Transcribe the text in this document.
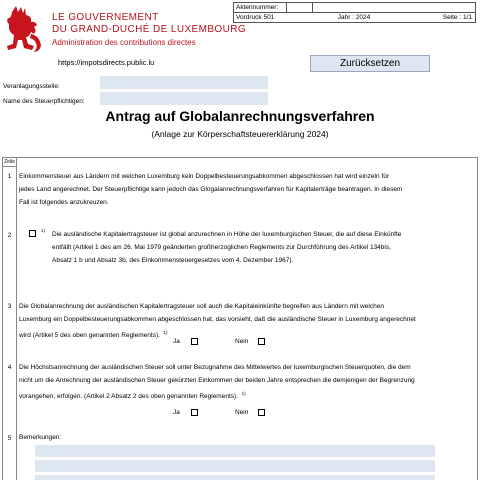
LE GOUVERNEMENT
DU GRAND-DUCHÉ DE LUXEMBOURG
Administration des contributions directes
Aktennummer:
Vordruck 501	Jahr : 2024	Seite : 1/1
https://impotsdirects.public.lu	Zurücksetzen
Veranlagungsstelle:
Name des Steuerpflichtigen:
Antrag auf Globalanrechnungsverfahren
(Anlage zur Körperschaftsteuererklärung 2024)
Zeile
1	Einkommensteuer aus Ländern mit welchen Luxemburg kein Doppelbesteuerungsabkommen abgeschlossen hat wird einzeln für
jedes Land angerechnet. Der Steuerpflichtige kann jedoch das Glogalanrechnungsverfahren für Kapitalerträge beantragen. In diesem
Fall ist folgendes anzukreuzen.
2
1)
Die ausländische Kapitalertragsteuer ist global anzurechnen in Höhe der luxemburgischen Steuer, die auf diese Einkünfte
entfällt (Artikel 1 des am 26. Mai 1979 geänderten großherzoglichen Reglements zur Durchführung des Artikel 134bis,
Absatz 1 b und Absatz 3b, des Einkommensteuergesetzes vom 4. Dezember 1967).
3	Die Globalanrechnung der ausländischen Kapitalertragsteuer soll auch die Kapitaleinkünfte begreifen aus Ländern mit welchen
Luxemburg ein Doppelbesteuerungsabkommen abgeschlossen hat, das vorsieht, daß die ausländische Steuer in Luxemburg angerechnet
wird (Artikel 5 des oben genannten Reglements). $^{1)}$
Ja	Nein
4	Die Höchstsanrechnung der ausländischen Steuer soll unter Bezugnahme des Mittelwertes der luxemburgischen Steuerquoten, die dem
nicht um die Anrechnung der ausländischen Steuer gekürzten Einkommen der beiden Jahre entsprechen die demjenigen der Begrenzung
vorangehen, erfolgen. (Artikel 2 Absatz 2 des oben genannten Reglements). $^{1)}$
Ja	Nein
5	Bemerkungen:
